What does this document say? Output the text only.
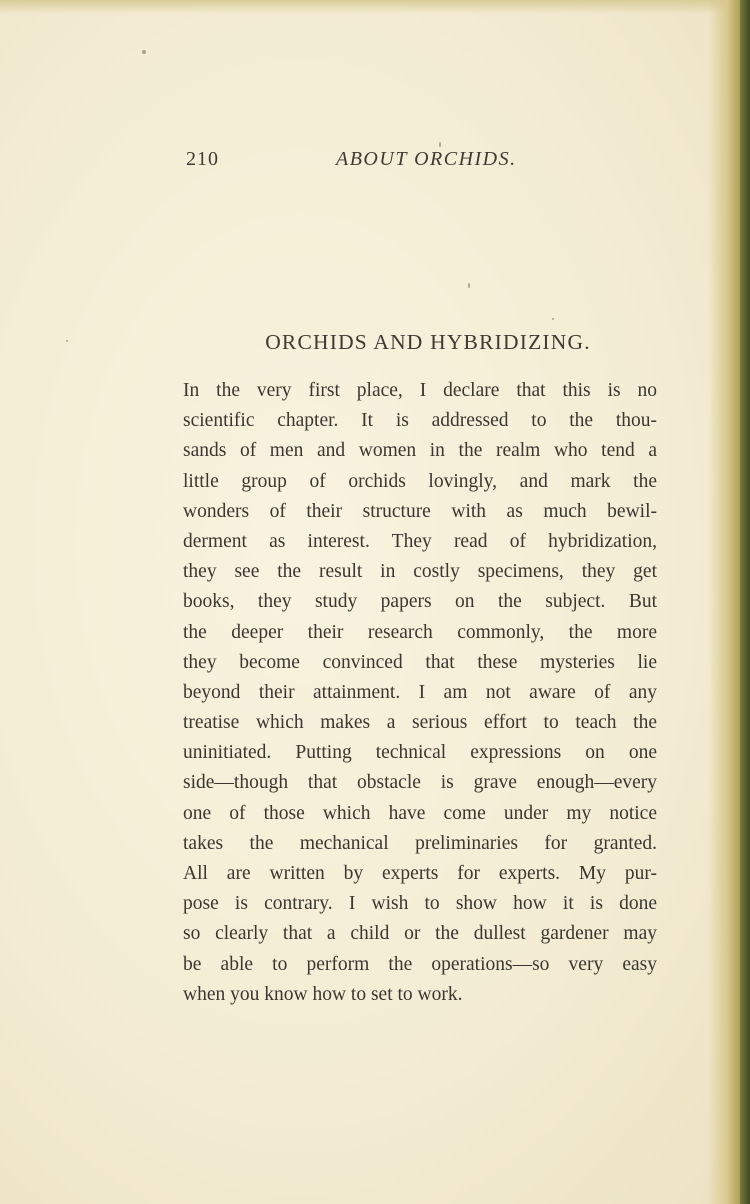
210	ABOUT ORCHIDS.
ORCHIDS AND HYBRIDIZING.
In the very first place, I declare that this is no
scientific chapter. It is addressed to the thou-
sands of men and women in the realm who tend a
little group of orchids lovingly, and mark the
wonders of their structure with as much bewil-
derment as interest. They read of hybridization,
they see the result in costly specimens, they get
books, they study papers on the subject. But
the deeper their research commonly, the more
they become convinced that these mysteries lie
beyond their attainment. I am not aware of any
treatise which makes a serious effort to teach the
uninitiated. Putting technical expressions on one
side—though that obstacle is grave enough—every
one of those which have come under my notice
takes the mechanical preliminaries for granted.
All are written by experts for experts. My pur-
pose is contrary. I wish to show how it is done
so clearly that a child or the dullest gardener may
be able to perform the operations—so very easy
when you know how to set to work.
